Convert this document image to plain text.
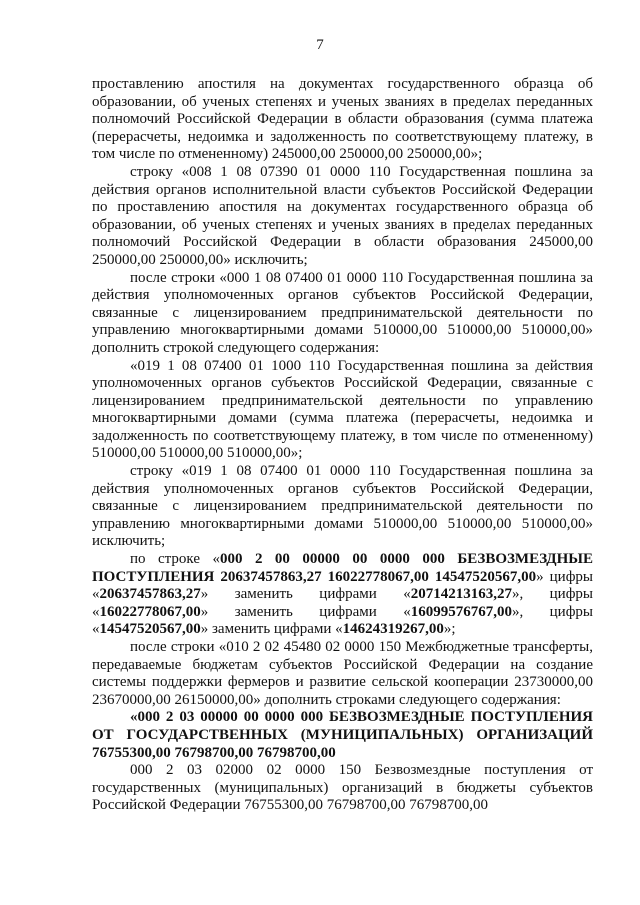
7

проставлению апостиля на документах государственного образца об образовании, об ученых степенях и ученых званиях в пределах переданных полномочий Российской Федерации в области образования (сумма платежа (перерасчеты, недоимка и задолженность по соответствующему платежу, в том числе по отмененному) 245000,00 250000,00 250000,00»;

строку «008 1 08 07390 01 0000 110 Государственная пошлина за действия органов исполнительной власти субъектов Российской Федерации по проставлению апостиля на документах государственного образца об образовании, об ученых степенях и ученых званиях в пределах переданных полномочий Российской Федерации в области образования 245000,00 250000,00 250000,00» исключить;

после строки «000 1 08 07400 01 0000 110 Государственная пошлина за действия уполномоченных органов субъектов Российской Федерации, связанные с лицензированием предпринимательской деятельности по управлению многоквартирными домами 510000,00 510000,00 510000,00» дополнить строкой следующего содержания:

«019 1 08 07400 01 1000 110 Государственная пошлина за действия уполномоченных органов субъектов Российской Федерации, связанные с лицензированием предпринимательской деятельности по управлению многоквартирными домами (сумма платежа (перерасчеты, недоимка и задолженность по соответствующему платежу, в том числе по отмененному) 510000,00 510000,00 510000,00»;

строку «019 1 08 07400 01 0000 110 Государственная пошлина за действия уполномоченных органов субъектов Российской Федерации, связанные с лицензированием предпринимательской деятельности по управлению многоквартирными домами 510000,00 510000,00 510000,00» исключить;

по строке «000 2 00 00000 00 0000 000 БЕЗВОЗМЕЗДНЫЕ ПОСТУПЛЕНИЯ 20637457863,27 16022778067,00 14547520567,00» цифры «20637457863,27» заменить цифрами «20714213163,27», цифры «16022778067,00» заменить цифрами «16099576767,00», цифры «14547520567,00» заменить цифрами «14624319267,00»;

после строки «010 2 02 45480 02 0000 150 Межбюджетные трансферты, передаваемые бюджетам субъектов Российской Федерации на создание системы поддержки фермеров и развитие сельской кооперации 23730000,00 23670000,00 26150000,00» дополнить строками следующего содержания:

«000 2 03 00000 00 0000 000 БЕЗВОЗМЕЗДНЫЕ ПОСТУПЛЕНИЯ ОТ ГОСУДАРСТВЕННЫХ (МУНИЦИПАЛЬНЫХ) ОРГАНИЗАЦИЙ 76755300,00 76798700,00 76798700,00

000 2 03 02000 02 0000 150 Безвозмездные поступления от государственных (муниципальных) организаций в бюджеты субъектов Российской Федерации 76755300,00 76798700,00 76798700,00
